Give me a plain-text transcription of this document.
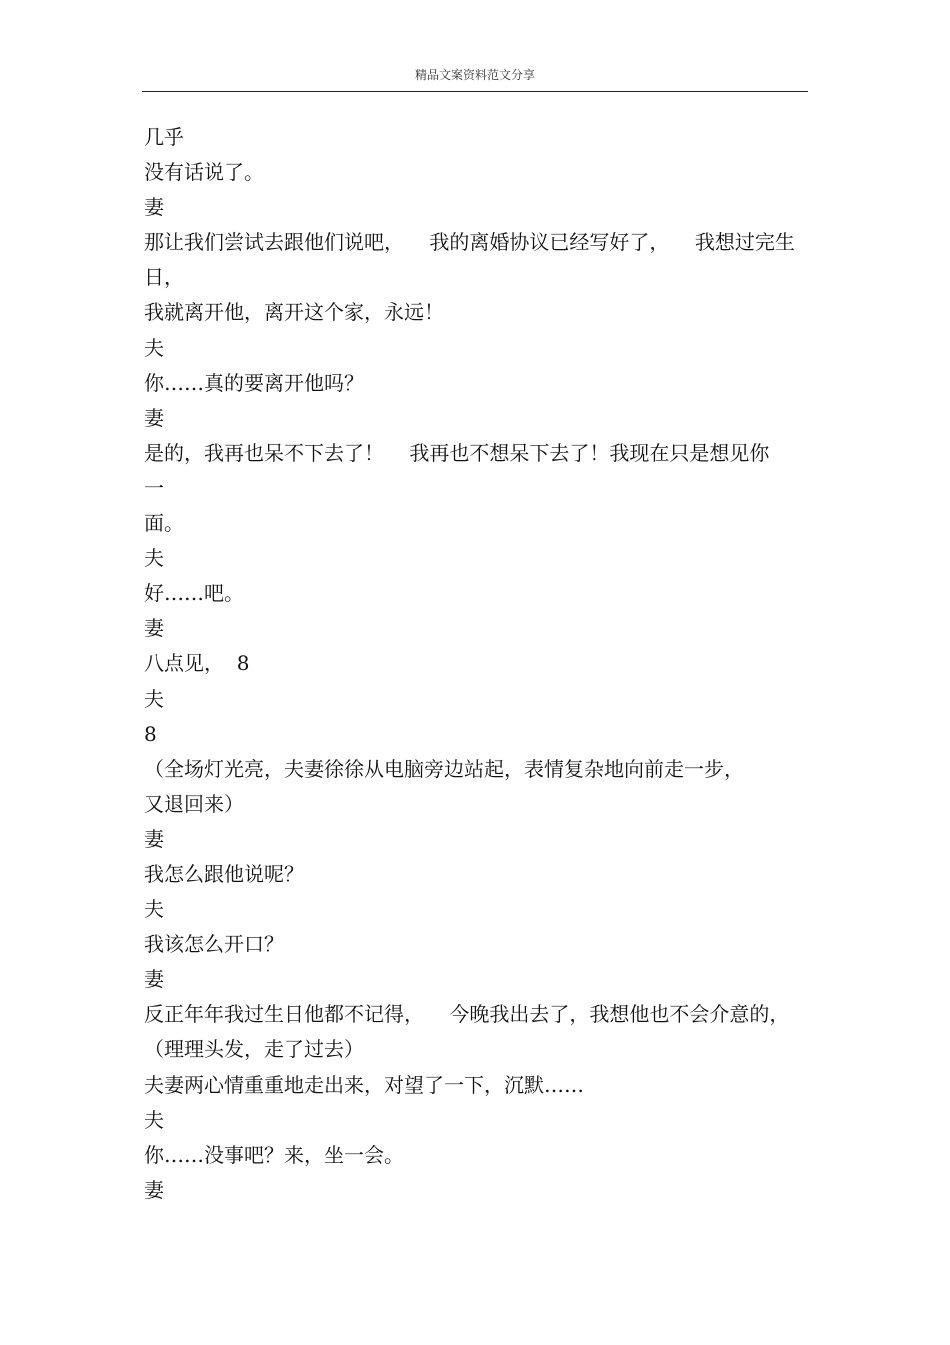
精品文案资料范文分享
几乎
没有话说了。
妻
那让我们尝试去跟他们说吧，    我的离婚协议已经写好了，    我想过完生
日，
我就离开他，离开这个家，永远！
夫
你……真的要离开他吗？
妻
是的，我再也呆不下去了！    我再也不想呆下去了！我现在只是想见你
一
面。
夫
好……吧。
妻
八点见，  8
夫
8
（全场灯光亮，夫妻徐徐从电脑旁边站起，表情复杂地向前走一步，
又退回来）
妻
我怎么跟他说呢？
夫
我该怎么开口？
妻
反正年年我过生日他都不记得，    今晚我出去了，我想他也不会介意的，
（理理头发，走了过去）
夫妻两心情重重地走出来，对望了一下，沉默……
夫
你……没事吧？来，坐一会。
妻
